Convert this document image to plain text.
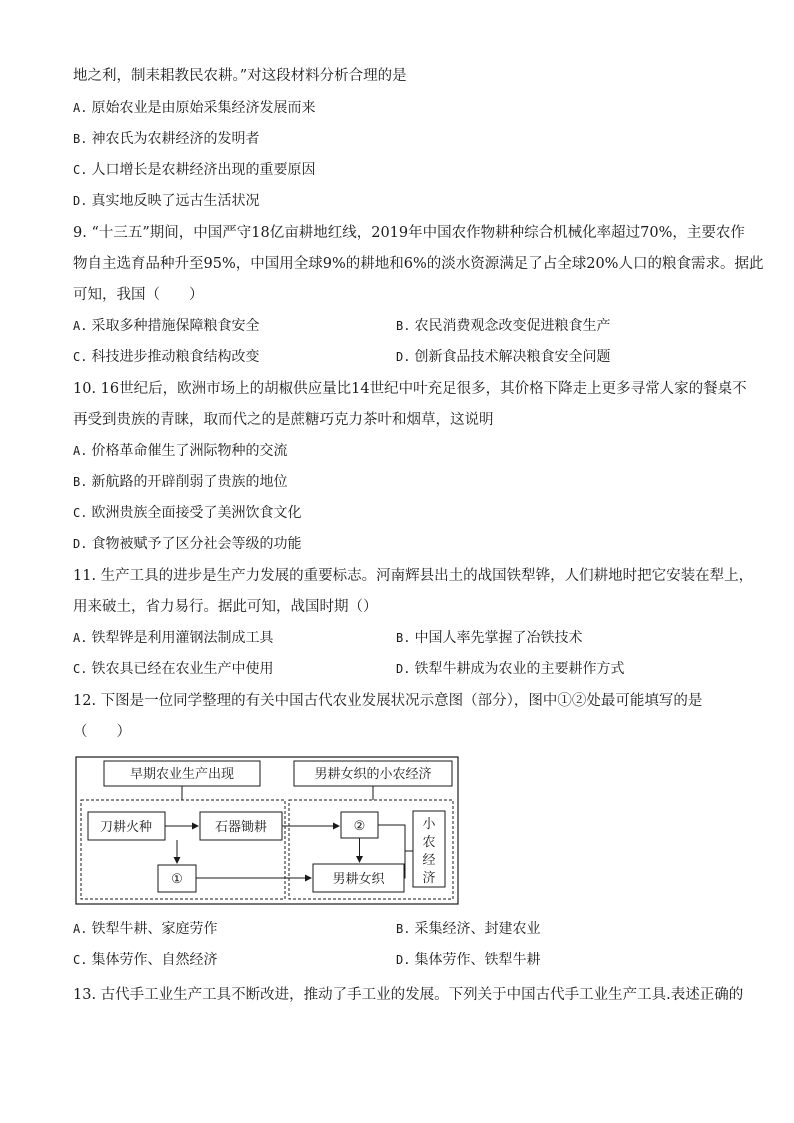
地之利，制耒耜教民农耕。”对这段材料分析合理的是
A. 原始农业是由原始采集经济发展而来
B. 神农氏为农耕经济的发明者
C. 人口增长是农耕经济出现的重要原因
D. 真实地反映了远古生活状况
9. “十三五”期间，中国严守18亿亩耕地红线，2019年中国农作物耕种综合机械化率超过70%，主要农作
物自主选育品种升至95%，中国用全球9%的耕地和6%的淡水资源满足了占全球20%人口的粮食需求。据此
可知，我国（　　）
A. 采取多种措施保障粮食安全	B. 农民消费观念改变促进粮食生产
C. 科技进步推动粮食结构改变	D. 创新食品技术解决粮食安全问题
10. 16世纪后，欧洲市场上的胡椒供应量比14世纪中叶充足很多，其价格下降走上更多寻常人家的餐桌不
再受到贵族的青睐，取而代之的是蔗糖巧克力茶叶和烟草，这说明
A. 价格革命催生了洲际物种的交流
B. 新航路的开辟削弱了贵族的地位
C. 欧洲贵族全面接受了美洲饮食文化
D. 食物被赋予了区分社会等级的功能
11. 生产工具的进步是生产力发展的重要标志。河南辉县出土的战国铁犁铧，人们耕地时把它安装在犁上，
用来破土，省力易行。据此可知，战国时期（）
A. 铁犁铧是利用灌钢法制成工具	B. 中国人率先掌握了冶铁技术
C. 铁农具已经在农业生产中使用	D. 铁犁牛耕成为农业的主要耕作方式
12. 下图是一位同学整理的有关中国古代农业发展状况示意图（部分），图中①②处最可能填写的是
（　　）
早期农业生产出现	男耕女织的小农经济
刀耕火种	石器锄耕
①
②
男耕女织
小
农
经
济
A. 铁犁牛耕、家庭劳作	B. 采集经济、封建农业
C. 集体劳作、自然经济	D. 集体劳作、铁犁牛耕
13. 古代手工业生产工具不断改进，推动了手工业的发展。下列关于中国古代手工业生产工具.表述正确的
